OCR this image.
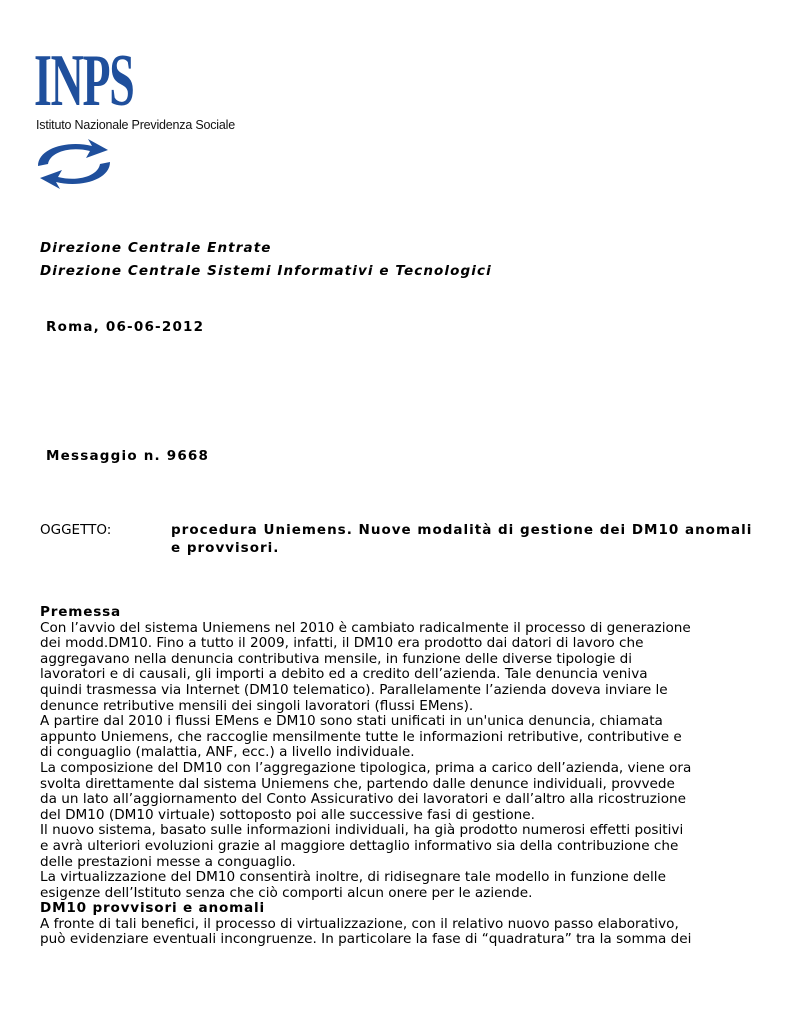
INPS
Istituto Nazionale Previdenza Sociale
Direzione Centrale Entrate
Direzione Centrale Sistemi Informativi e Tecnologici
Roma, 06-06-2012
Messaggio n. 9668
OGGETTO:	procedura Uniemens. Nuove modalità di gestione dei DM10 anomali e provvisori.
Premessa
Con l’avvio del sistema Uniemens nel 2010 è cambiato radicalmente il processo di generazione
dei modd.DM10. Fino a tutto il 2009, infatti, il DM10 era prodotto dai datori di lavoro che
aggregavano nella denuncia contributiva mensile, in funzione delle diverse tipologie di
lavoratori e di causali, gli importi a debito ed a credito dell’azienda. Tale denuncia veniva
quindi trasmessa via Internet (DM10 telematico). Parallelamente l’azienda doveva inviare le
denunce retributive mensili dei singoli lavoratori (flussi EMens).
A partire dal 2010 i flussi EMens e DM10 sono stati unificati in un'unica denuncia, chiamata
appunto Uniemens, che raccoglie mensilmente tutte le informazioni retributive, contributive e
di conguaglio (malattia, ANF, ecc.) a livello individuale.
La composizione del DM10 con l’aggregazione tipologica, prima a carico dell’azienda, viene ora
svolta direttamente dal sistema Uniemens che, partendo dalle denunce individuali, provvede
da un lato all’aggiornamento del Conto Assicurativo dei lavoratori e dall’altro alla ricostruzione
del DM10 (DM10 virtuale) sottoposto poi alle successive fasi di gestione.
Il nuovo sistema, basato sulle informazioni individuali, ha già prodotto numerosi effetti positivi
e avrà ulteriori evoluzioni grazie al maggiore dettaglio informativo sia della contribuzione che
delle prestazioni messe a conguaglio.
La virtualizzazione del DM10 consentirà inoltre, di ridisegnare tale modello in funzione delle
esigenze dell’Istituto senza che ciò comporti alcun onere per le aziende.
DM10 provvisori e anomali
A fronte di tali benefici, il processo di virtualizzazione, con il relativo nuovo passo elaborativo,
può evidenziare eventuali incongruenze. In particolare la fase di “quadratura” tra la somma dei
